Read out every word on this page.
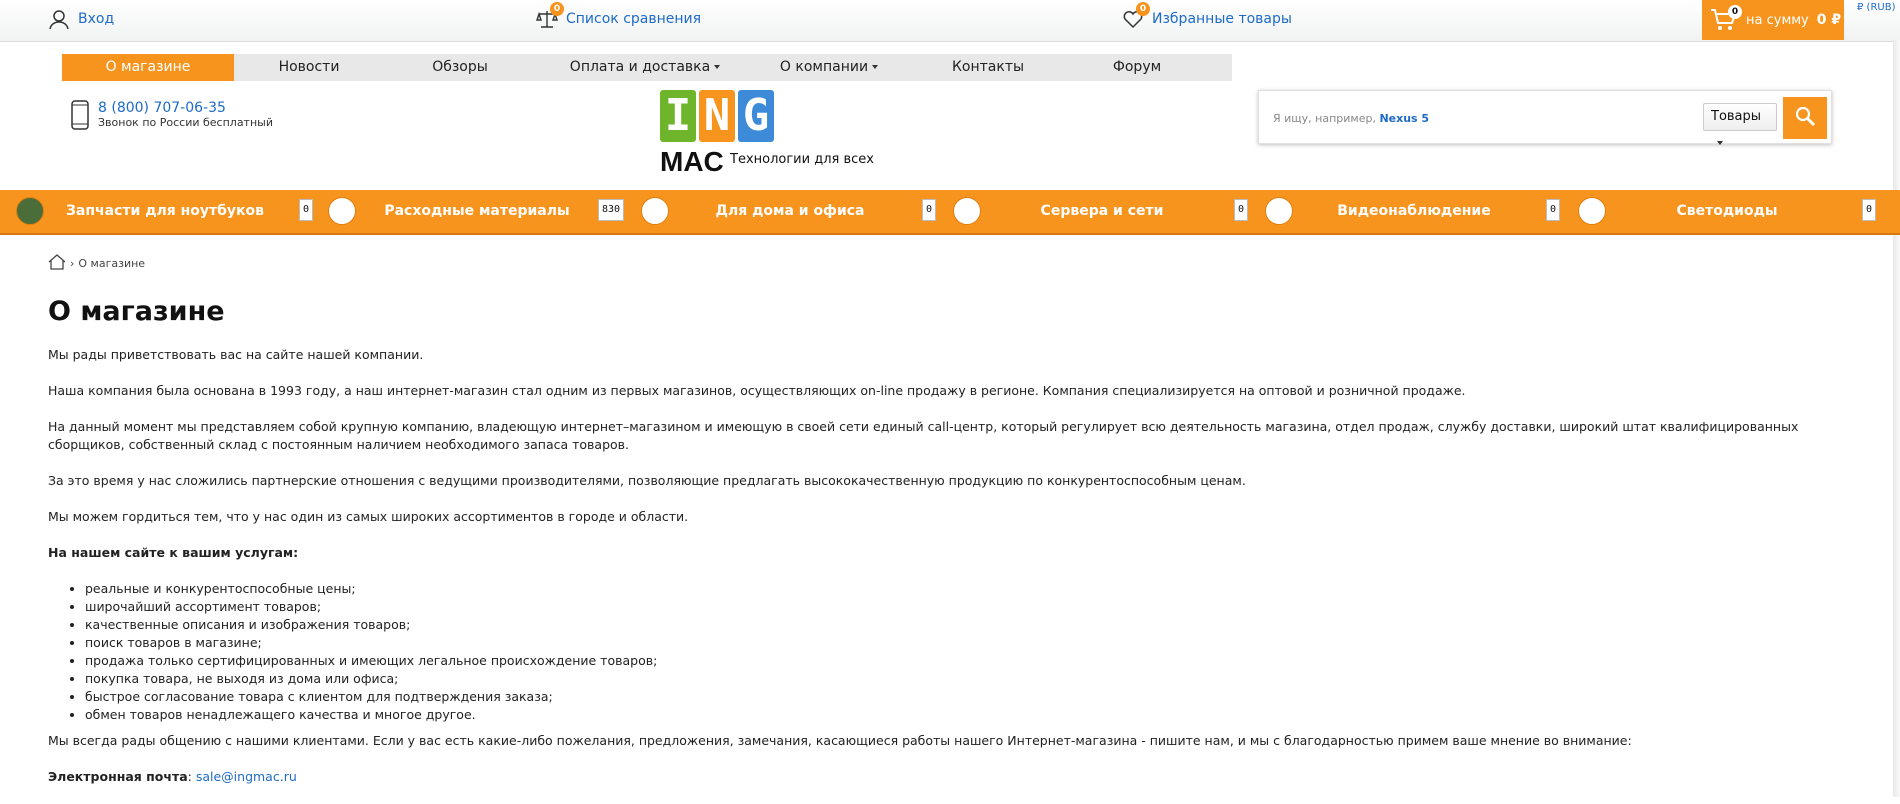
Вход
0
Список сравнения
0
Избранные товары	0
на сумму 0 ₽
₽ (RUB)
О магазине	Новости	Обзоры	Оплата и доставка	О компании	Контакты	Форум
8 (800) 707-06-35
Звонок по России бесплатный	I N G
MAC Технологии для всех
Я ищу, например, Nexus 5	Товары
Запчасти для ноутбуков	0	Расходные материалы	830	Для дома и офиса	0	Сервера и сети	0	Видеонаблюдение	0	Светодиоды	0
› О магазине
О магазине

Мы рады приветствовать вас на сайте нашей компании.

Наша компания была основана в 1993 году, а наш интернет-магазин стал одним из первых магазинов, осуществляющих on-line продажу в регионе. Компания специализируется на оптовой и розничной продаже.

На данный момент мы представляем собой крупную компанию, владеющую интернет–магазином и имеющую в своей сети единый call-центр, который регулирует всю деятельность магазина, отдел продаж, службу доставки, широкий штат квалифицированных сборщиков, собственный склад с постоянным наличием необходимого запаса товаров.

За это время у нас сложились партнерские отношения с ведущими производителями, позволяющие предлагать высококачественную продукцию по конкурентоспособным ценам.

Мы можем гордиться тем, что у нас один из самых широких ассортиментов в городе и области.

На нашем сайте к вашим услугам:

• реальные и конкурентоспособные цены;
• широчайший ассортимент товаров;
• качественные описания и изображения товаров;
• поиск товаров в магазине;
• продажа только сертифицированных и имеющих легальное происхождение товаров;
• покупка товара, не выходя из дома или офиса;
• быстрое согласование товара с клиентом для подтверждения заказа;
• обмен товаров ненадлежащего качества и многое другое.

Мы всегда рады общению с нашими клиентами. Если у вас есть какие-либо пожелания, предложения, замечания, касающиеся работы нашего Интернет-магазина - пишите нам, и мы с благодарностью примем ваше мнение во внимание:

Электронная почта: sale@ingmac.ru
